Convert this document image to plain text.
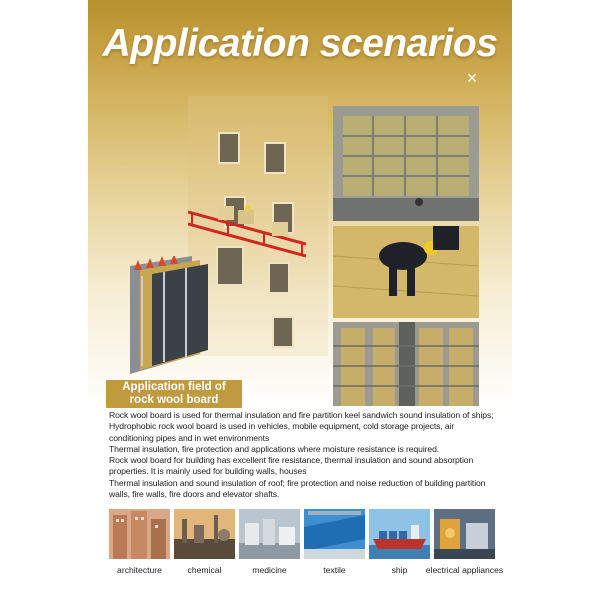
Application scenarios
×
Application field of
rock wool board

Rock wool board is used for thermal insulation and fire partition keel sandwich sound insulation of ships;

Hydrophobic rock wool board is used in vehicles, mobile equipment, cold storage projects, air conditioning pipes and in wet environments

Thermal insulation, fire protection and applications where moisture resistance is required.

Rock wool board for building has excellent fire resistance, thermal insulation and sound absorption properties. It is mainly used for building walls, houses

Thermal insulation and sound insulation of roof; fire protection and noise reduction of building partition walls, fire walls, fire doors and elevator shafts.

architecture	chemical	medicine	textile	ship	electrical appliances
